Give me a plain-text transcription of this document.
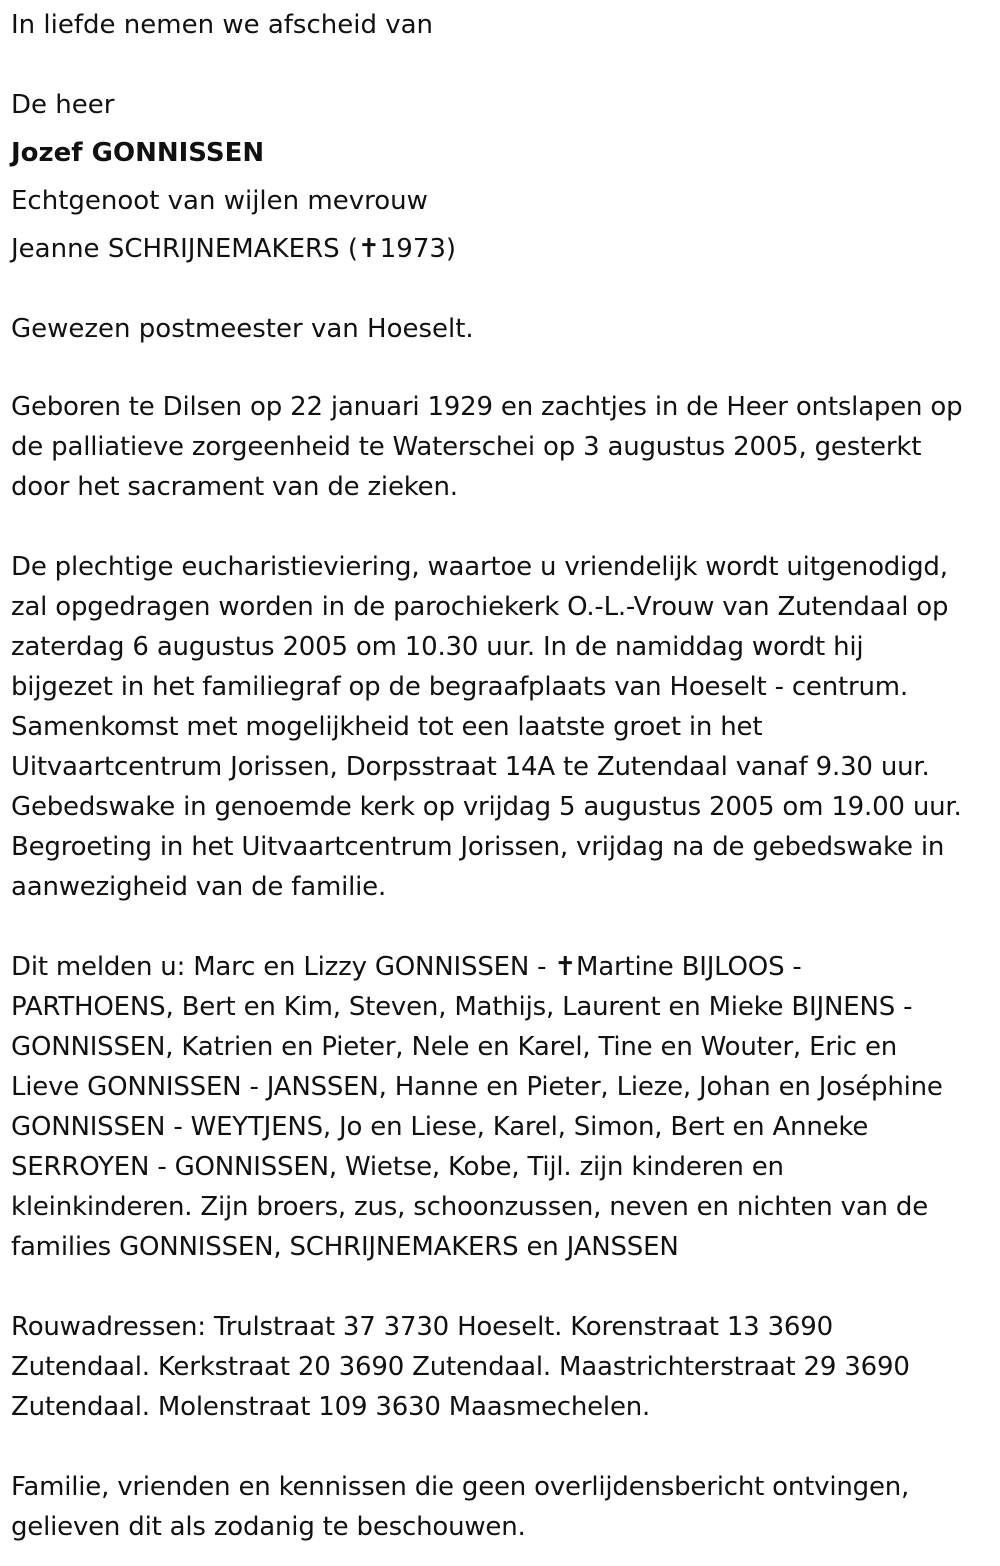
In liefde nemen we afscheid van

De heer

Jozef GONNISSEN

Echtgenoot van wijlen mevrouw

Jeanne SCHRIJNEMAKERS (✝1973)

Gewezen postmeester van Hoeselt.

Geboren te Dilsen op 22 januari 1929 en zachtjes in de Heer ontslapen op

de palliatieve zorgeenheid te Waterschei op 3 augustus 2005, gesterkt

door het sacrament van de zieken.

De plechtige eucharistieviering, waartoe u vriendelijk wordt uitgenodigd,

zal opgedragen worden in de parochiekerk O.-L.-Vrouw van Zutendaal op

zaterdag 6 augustus 2005 om 10.30 uur. In de namiddag wordt hij

bijgezet in het familiegraf op de begraafplaats van Hoeselt - centrum.

Samenkomst met mogelijkheid tot een laatste groet in het

Uitvaartcentrum Jorissen, Dorpsstraat 14A te Zutendaal vanaf 9.30 uur.

Gebedswake in genoemde kerk op vrijdag 5 augustus 2005 om 19.00 uur.

Begroeting in het Uitvaartcentrum Jorissen, vrijdag na de gebedswake in

aanwezigheid van de familie.

Dit melden u: Marc en Lizzy GONNISSEN - ✝Martine BIJLOOS -

PARTHOENS, Bert en Kim, Steven, Mathijs, Laurent en Mieke BIJNENS -

GONNISSEN, Katrien en Pieter, Nele en Karel, Tine en Wouter, Eric en

Lieve GONNISSEN - JANSSEN, Hanne en Pieter, Lieze, Johan en Joséphine

GONNISSEN - WEYTJENS, Jo en Liese, Karel, Simon, Bert en Anneke

SERROYEN - GONNISSEN, Wietse, Kobe, Tijl. zijn kinderen en

kleinkinderen. Zijn broers, zus, schoonzussen, neven en nichten van de

families GONNISSEN, SCHRIJNEMAKERS en JANSSEN

Rouwadressen: Trulstraat 37 3730 Hoeselt. Korenstraat 13 3690

Zutendaal. Kerkstraat 20 3690 Zutendaal. Maastrichterstraat 29 3690

Zutendaal. Molenstraat 109 3630 Maasmechelen.

Familie, vrienden en kennissen die geen overlijdensbericht ontvingen,

gelieven dit als zodanig te beschouwen.
